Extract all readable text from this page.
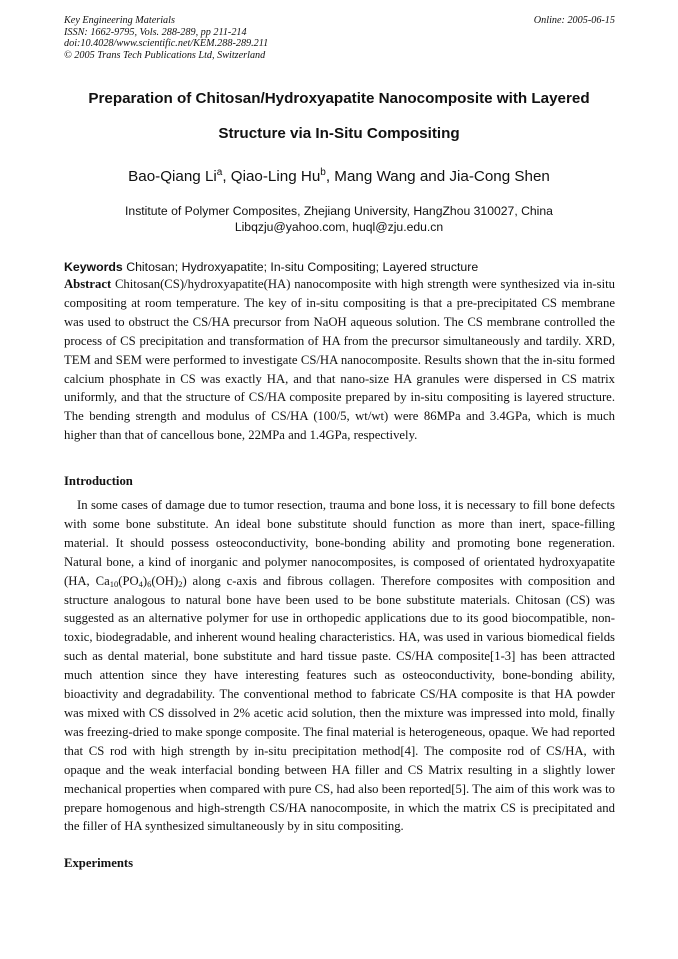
Key Engineering Materials
ISSN: 1662-9795, Vols. 288-289, pp 211-214
doi:10.4028/www.scientific.net/KEM.288-289.211
© 2005 Trans Tech Publications Ltd, Switzerland
Online: 2005-06-15
Preparation of Chitosan/Hydroxyapatite Nanocomposite with Layered
Structure via In-Situ Compositing
Bao-Qiang Li$^a$, Qiao-Ling Hu$^b$, Mang Wang and Jia-Cong Shen
Institute of Polymer Composites, Zhejiang University, HangZhou 310027, China
Libqzju@yahoo.com, huql@zju.edu.cn
Keywords Chitosan; Hydroxyapatite; In-situ Compositing; Layered structure
Abstract Chitosan(CS)/hydroxyapatite(HA) nanocomposite with high strength were synthesized via in-situ compositing at room temperature. The key of in-situ compositing is that a pre-precipitated CS membrane was used to obstruct the CS/HA precursor from NaOH aqueous solution. The CS membrane controlled the process of CS precipitation and transformation of HA from the precursor simultaneously and tardily. XRD, TEM and SEM were performed to investigate CS/HA nanocomposite. Results shown that the in-situ formed calcium phosphate in CS was exactly HA, and that nano-size HA granules were dispersed in CS matrix uniformly, and that the structure of CS/HA composite prepared by in-situ compositing is layered structure. The bending strength and modulus of CS/HA (100/5, wt/wt) were 86MPa and 3.4GPa, which is much higher than that of cancellous bone, 22MPa and 1.4GPa, respectively.
Introduction
In some cases of damage due to tumor resection, trauma and bone loss, it is necessary to fill bone defects with some bone substitute. An ideal bone substitute should function as more than inert, space-filling material. It should possess osteoconductivity, bone-bonding ability and promoting bone regeneration. Natural bone, a kind of inorganic and polymer nanocomposites, is composed of orientated hydroxyapatite (HA, $Ca_{10}(PO_4)_6(OH)_2$) along c-axis and fibrous collagen. Therefore composites with composition and structure analogous to natural bone have been used to be bone substitute materials. Chitosan (CS) was suggested as an alternative polymer for use in orthopedic applications due to its good biocompatible, non-toxic, biodegradable, and inherent wound healing characteristics. HA, was used in various biomedical fields such as dental material, bone substitute and hard tissue paste. CS/HA composite[1-3] has been attracted much attention since they have interesting features such as osteoconductivity, bone-bonding ability, bioactivity and degradability. The conventional method to fabricate CS/HA composite is that HA powder was mixed with CS dissolved in 2% acetic acid solution, then the mixture was impressed into mold, finally was freezing-dried to make sponge composite. The final material is heterogeneous, opaque. We had reported that CS rod with high strength by in-situ precipitation method[4]. The composite rod of CS/HA, with opaque and the weak interfacial bonding between HA filler and CS Matrix resulting in a slightly lower mechanical properties when compared with pure CS, had also been reported[5]. The aim of this work was to prepare homogenous and high-strength CS/HA nanocomposite, in which the matrix CS is precipitated and the filler of HA synthesized simultaneously by in situ compositing.
Experiments
